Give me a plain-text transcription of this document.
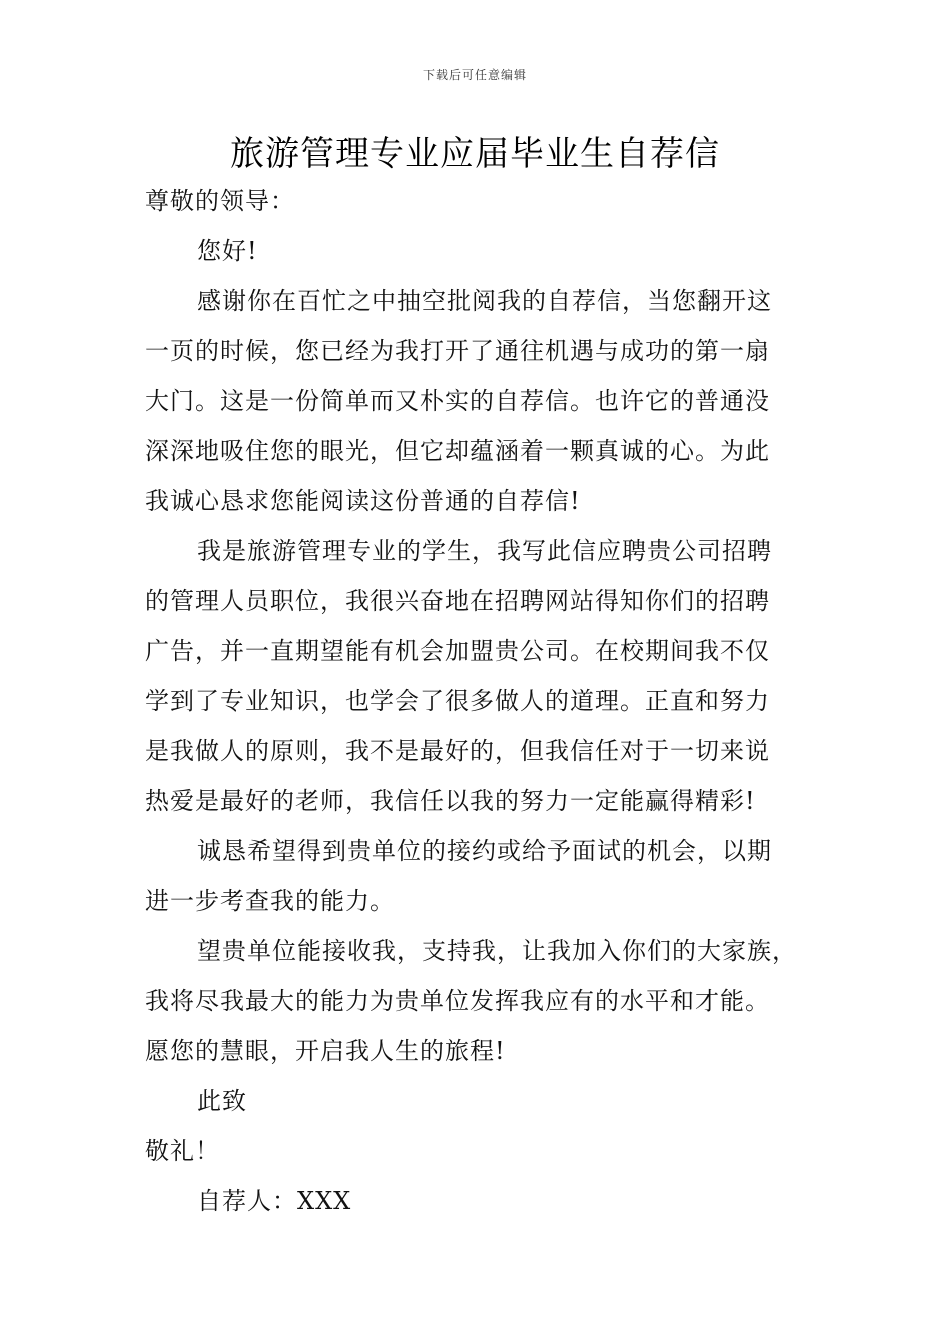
下载后可任意编辑
旅游管理专业应届毕业生自荐信
尊敬的领导：
您好!
感谢你在百忙之中抽空批阅我的自荐信，当您翻开这
一页的时候，您已经为我打开了通往机遇与成功的第一扇
大门。这是一份简单而又朴实的自荐信。也许它的普通没
深深地吸住您的眼光，但它却蕴涵着一颗真诚的心。为此
我诚心恳求您能阅读这份普通的自荐信!
我是旅游管理专业的学生，我写此信应聘贵公司招聘
的管理人员职位，我很兴奋地在招聘网站得知你们的招聘
广告，并一直期望能有机会加盟贵公司。在校期间我不仅
学到了专业知识，也学会了很多做人的道理。正直和努力
是我做人的原则，我不是最好的，但我信任对于一切来说
热爱是最好的老师，我信任以我的努力一定能赢得精彩!
诚恳希望得到贵单位的接约或给予面试的机会，以期
进一步考查我的能力。
望贵单位能接收我，支持我，让我加入你们的大家族，
我将尽我最大的能力为贵单位发挥我应有的水平和才能。
愿您的慧眼，开启我人生的旅程!
此致
敬礼！
自荐人：XXX
